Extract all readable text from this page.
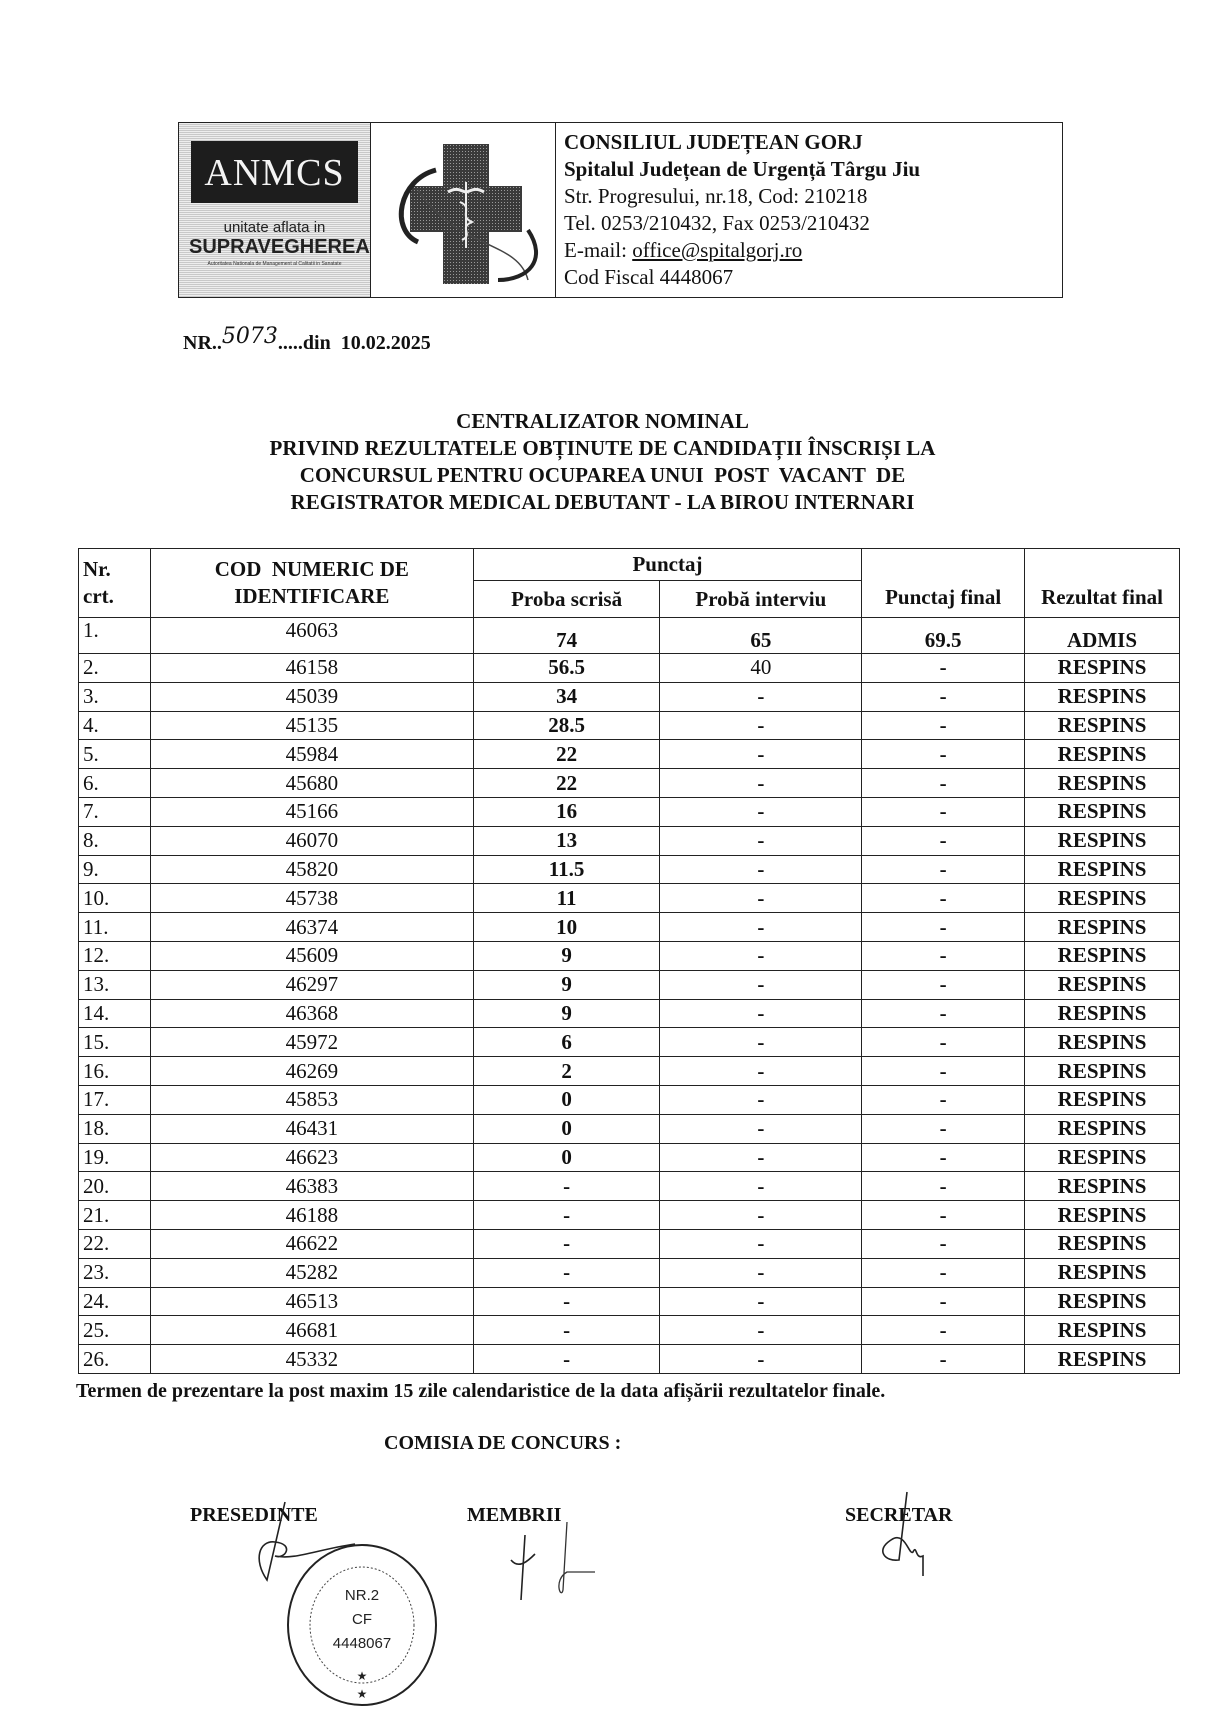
ANMCS
unitate aflata in
SUPRAVEGHEREA
Autoritatea Nationala de Management al Calitatii in Sanatate
CONSILIUL JUDEȚEAN GORJ
Spitalul Județean de Urgență Târgu Jiu
Str. Progresului, nr.18, Cod: 210218
Tel. 0253/210432, Fax 0253/210432
E-mail: office@spitalgorj.ro
Cod Fiscal 4448067
NR..5073.....din 10.02.2025
CENTRALIZATOR NOMINAL
PRIVIND REZULTATELE OBȚINUTE DE CANDIDAȚII ÎNSCRIȘI LA
CONCURSUL PENTRU OCUPAREA UNUI  POST  VACANT  DE
REGISTRATOR MEDICAL DEBUTANT - LA BIROU INTERNARI
Nr.
crt.

COD  NUMERIC DE
IDENTIFICARE
	Punctaj	Punctaj final	Rezultat final
		Proba scrisă	Probă interviu		
1.	46063	74	65	69.5	ADMIS
2.	46158	56.5	40	-	RESPINS
3.	45039	34	-	-	RESPINS
4.	45135	28.5	-	-	RESPINS
5.	45984	22	-	-	RESPINS
6.	45680	22	-	-	RESPINS
7.	45166	16	-	-	RESPINS
8.	46070	13	-	-	RESPINS
9.	45820	11.5	-	-	RESPINS
10.	45738	11	-	-	RESPINS
11.	46374	10	-	-	RESPINS
12.	45609	9	-	-	RESPINS
13.	46297	9	-	-	RESPINS
14.	46368	9	-	-	RESPINS
15.	45972	6	-	-	RESPINS
16.	46269	2	-	-	RESPINS
17.	45853	0	-	-	RESPINS
18.	46431	0	-	-	RESPINS
19.	46623	0	-	-	RESPINS
20.	46383	-	-	-	RESPINS
21.	46188	-	-	-	RESPINS
22.	46622	-	-	-	RESPINS
23.	45282	-	-	-	RESPINS
24.	46513	-	-	-	RESPINS
25.	46681	-	-	-	RESPINS
26.	45332	-	-	-	RESPINS
Termen de prezentare la post maxim 15 zile calendaristice de la data afișării rezultatelor finale.
COMISIA DE CONCURS :
PRESEDINTE	MEMBRII	SECRETAR
NR.2
CF
4448067
★
★
